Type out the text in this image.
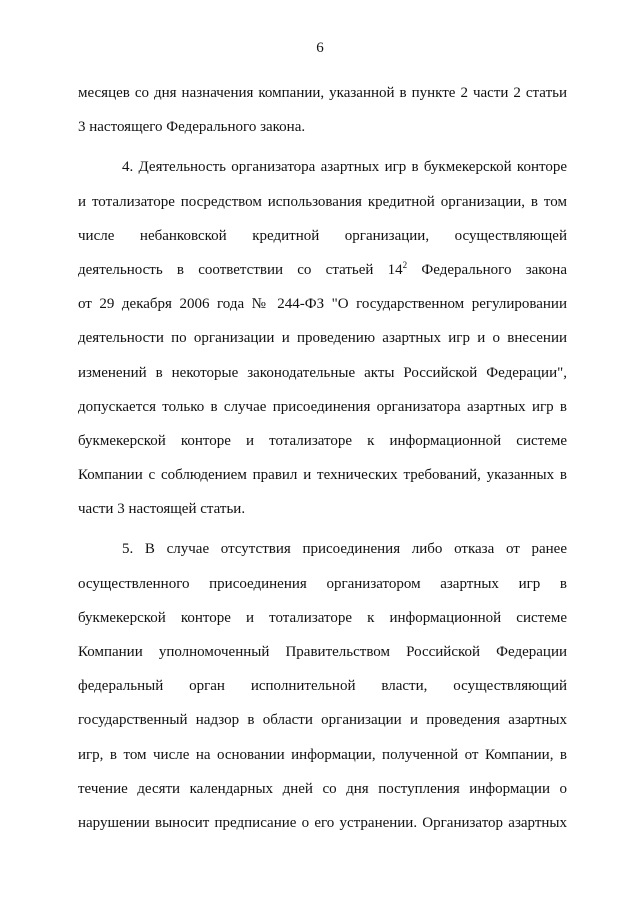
6
месяцев со дня назначения компании, указанной в пункте 2 части 2 статьи
3 настоящего Федерального закона.
4. Деятельность организатора азартных игр в букмекерской конторе
и тотализаторе посредством использования кредитной организации, в том
числе небанковской кредитной организации, осуществляющей
деятельность в соответствии со статьей $14^2$ Федерального закона
от 29 декабря 2006 года № 244-ФЗ "О государственном регулировании
деятельности по организации и проведению азартных игр и о внесении
изменений в некоторые законодательные акты Российской Федерации",
допускается только в случае присоединения организатора азартных игр в
букмекерской конторе и тотализаторе к информационной системе
Компании с соблюдением правил и технических требований, указанных в
части 3 настоящей статьи.
5. В случае отсутствия присоединения либо отказа от ранее
осуществленного присоединения организатором азартных игр в
букмекерской конторе и тотализаторе к информационной системе
Компании уполномоченный Правительством Российской Федерации
федеральный орган исполнительной власти, осуществляющий
государственный надзор в области организации и проведения азартных
игр, в том числе на основании информации, полученной от Компании, в
течение десяти календарных дней со дня поступления информации о
нарушении выносит предписание о его устранении. Организатор азартных
